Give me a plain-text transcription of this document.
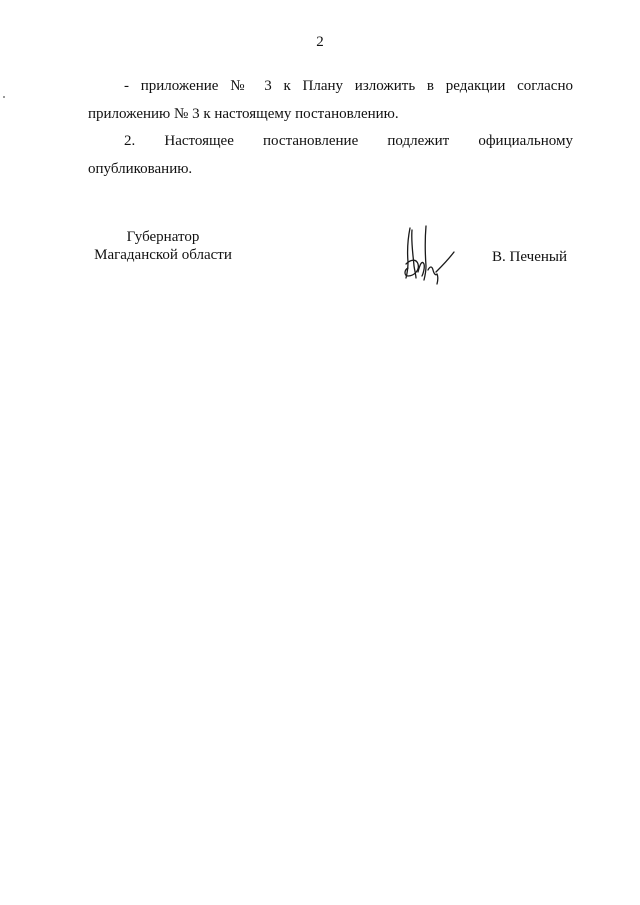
2
- приложение № 3 к Плану изложить в редакции согласно
приложению № 3 к настоящему постановлению.
2. Настоящее постановление подлежит официальному
опубликованию.
Губернатор
Магаданской области	В. Печеный
